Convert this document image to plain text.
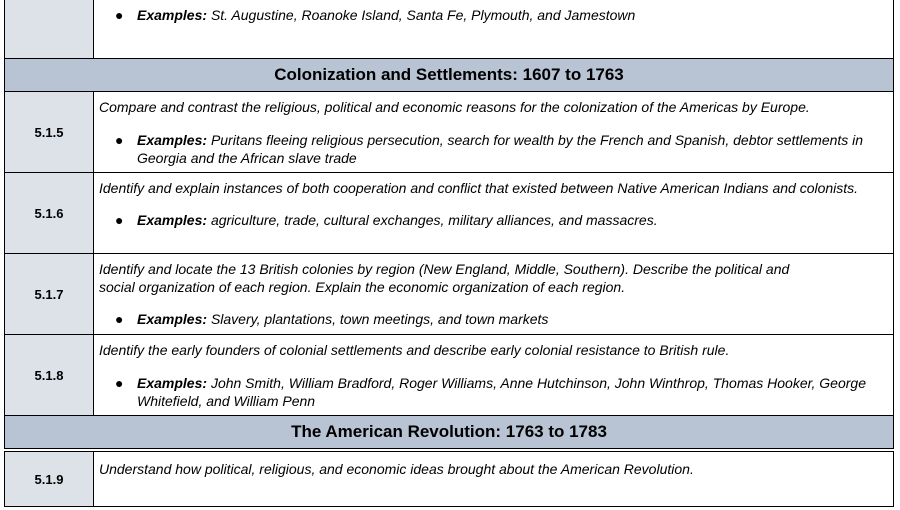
● Examples: St. Augustine, Roanoke Island, Santa Fe, Plymouth, and Jamestown
Colonization and Settlements: 1607 to 1763
5.1.5

Compare and contrast the religious, political and economic reasons for the colonization of the Americas by Europe.

● Examples: Puritans fleeing religious persecution, search for wealth by the French and Spanish, debtor settlements in Georgia and the African slave trade
5.1.6

Identify and explain instances of both cooperation and conflict that existed between Native American Indians and colonists.

● Examples: agriculture, trade, cultural exchanges, military alliances, and massacres.
5.1.7

Identify and locate the 13 British colonies by region (New England, Middle, Southern). Describe the political and social organization of each region. Explain the economic organization of each region.

● Examples: Slavery, plantations, town meetings, and town markets
5.1.8

Identify the early founders of colonial settlements and describe early colonial resistance to British rule.

● Examples: John Smith, William Bradford, Roger Williams, Anne Hutchinson, John Winthrop, Thomas Hooker, George Whitefield, and William Penn
The American Revolution: 1763 to 1783
5.1.9

Understand how political, religious, and economic ideas brought about the American Revolution.
